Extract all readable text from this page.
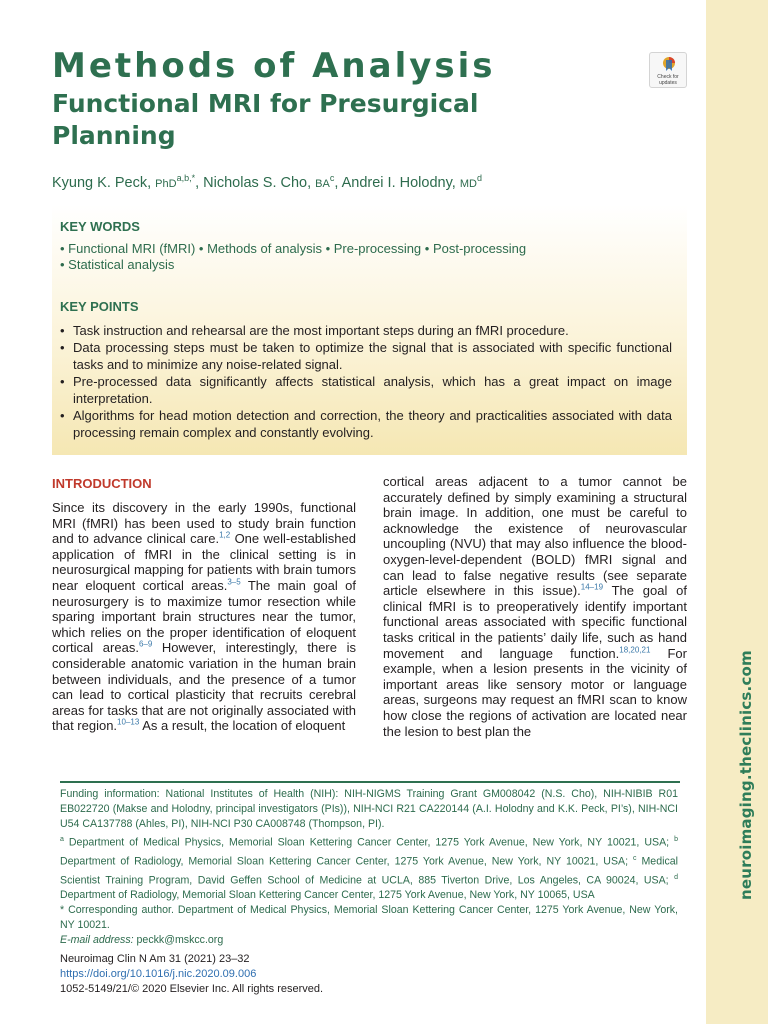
neuroimaging.theclinics.com
Methods of Analysis
Functional MRI for Presurgical Planning
Check for updates
Kyung K. Peck, PhD$^{a,b,*}$, Nicholas S. Cho, $BA^c$, Andrei I. Holodny, $MD^d$
KEY WORDS
• Functional MRI (fMRI) • Methods of analysis • Pre-processing • Post-processing
• Statistical analysis
KEY POINTS
• Task instruction and rehearsal are the most important steps during an fMRI procedure.
• Data processing steps must be taken to optimize the signal that is associated with specific functional tasks and to minimize any noise-related signal.
• Pre-processed data significantly affects statistical analysis, which has a great impact on image interpretation.
• Algorithms for head motion detection and correction, the theory and practicalities associated with data processing remain complex and constantly evolving.
INTRODUCTION
Since its discovery in the early 1990s, functional MRI (fMRI) has been used to study brain function and to advance clinical care.$^{1,2}$ One well-established application of fMRI in the clinical setting is in neurosurgical mapping for patients with brain tumors near eloquent cortical areas.$^{3-5}$ The main goal of neurosurgery is to maximize tumor resection while sparing important brain structures near the tumor, which relies on the proper identification of eloquent cortical areas.$^{6-9}$ However, interestingly, there is considerable anatomic variation in the human brain between individuals, and the presence of a tumor can lead to cortical plasticity that recruits cerebral areas for tasks that are not originally associated with that region.$^{10-13}$ As a result, the location of eloquent
cortical areas adjacent to a tumor cannot be accurately defined by simply examining a structural brain image. In addition, one must be careful to acknowledge the existence of neurovascular uncoupling (NVU) that may also influence the blood-oxygen-level-dependent (BOLD) fMRI signal and can lead to false negative results (see separate article elsewhere in this issue).$^{14-19}$ The goal of clinical fMRI is to preoperatively identify important functional areas associated with specific functional tasks critical in the patients’ daily life, such as hand movement and language function.$^{18,20,21}$ For example, when a lesion presents in the vicinity of important areas like sensory motor or language areas, surgeons may request an fMRI scan to know how close the regions of activation are located near the lesion to best plan the

Funding information: National Institutes of Health (NIH): NIH-NIGMS Training Grant GM008042 (N.S. Cho), NIH-NIBIB R01 EB022720 (Makse and Holodny, principal investigators (PIs)), NIH-NCI R21 CA220144 (A.I. Holodny and K.K. Peck, PI’s), NIH-NCI U54 CA137788 (Ahles, PI), NIH-NCI P30 CA008748 (Thompson, PI).

$^a$ Department of Medical Physics, Memorial Sloan Kettering Cancer Center, 1275 York Avenue, New York, NY 10021, USA; $^b$ Department of Radiology, Memorial Sloan Kettering Cancer Center, 1275 York Avenue, New York, NY 10021, USA; $^c$ Medical Scientist Training Program, David Geffen School of Medicine at UCLA, 885 Tiverton Drive, Los Angeles, CA 90024, USA; $^d$ Department of Radiology, Memorial Sloan Kettering Cancer Center, 1275 York Avenue, New York, NY 10065, USA

* Corresponding author. Department of Medical Physics, Memorial Sloan Kettering Cancer Center, 1275 York Avenue, New York, NY 10021.

E-mail address: peckk@mskcc.org

Neuroimag Clin N Am 31 (2021) 23–32
https://doi.org/10.1016/j.nic.2020.09.006
1052-5149/21/© 2020 Elsevier Inc. All rights reserved.
